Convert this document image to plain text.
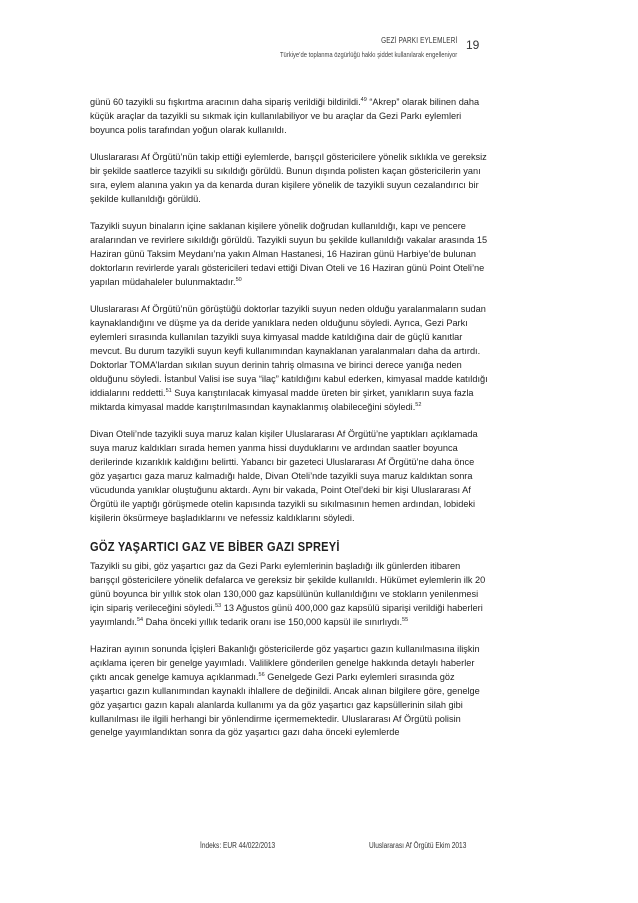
GEZİ PARKI EYLEMLERİ
Türkiye’de toplanma özgürlüğü hakkı şiddet kullanılarak engelleniyor
19

günü 60 tazyikli su fışkırtma aracının daha sipariş verildiği bildirildi.$^{49}$ “Akrep” olarak bilinen daha küçük araçlar da tazyikli su sıkmak için kullanılabiliyor ve bu araçlar da Gezi Parkı eylemleri boyunca polis tarafından yoğun olarak kullanıldı.

Uluslararası Af Örgütü’nün takip ettiği eylemlerde, barışçıl göstericilere yönelik sıklıkla ve gereksiz bir şekilde saatlerce tazyikli su sıkıldığı görüldü. Bunun dışında polisten kaçan göstericilerin yanı sıra, eylem alanına yakın ya da kenarda duran kişilere yönelik de tazyikli suyun cezalandırıcı bir şekilde kullanıldığı görüldü.

Tazyikli suyun binaların içine saklanan kişilere yönelik doğrudan kullanıldığı, kapı ve pencere aralarından ve revirlere sıkıldığı görüldü. Tazyikli suyun bu şekilde kullanıldığı vakalar arasında 15 Haziran günü Taksim Meydanı’na yakın Alman Hastanesi, 16 Haziran günü Harbiye’de bulunan doktorların revirlerde yaralı göstericileri tedavi ettiği Divan Oteli ve 16 Haziran günü Point Oteli’ne yapılan müdahaleler bulunmaktadır.$^{50}$

Uluslararası Af Örgütü’nün görüştüğü doktorlar tazyikli suyun neden olduğu yaralanmaların sudan kaynaklandığını ve düşme ya da deride yanıklara neden olduğunu söyledi. Ayrıca, Gezi Parkı eylemleri sırasında kullanılan tazyikli suya kimyasal madde katıldığına dair de güçlü kanıtlar mevcut. Bu durum tazyikli suyun keyfi kullanımından kaynaklanan yaralanmaları daha da artırdı. Doktorlar TOMA’lardan sıkılan suyun derinin tahriş olmasına ve birinci derece yanığa neden olduğunu söyledi. İstanbul Valisi ise suya “ilaç” katıldığını kabul ederken, kimyasal madde katıldığı iddialarını reddetti.$^{51}$ Suya karıştırılacak kimyasal madde üreten bir şirket, yanıkların suya fazla miktarda kimyasal madde karıştırılmasından kaynaklanmış olabileceğini söyledi.$^{52}$

Divan Oteli’nde tazyikli suya maruz kalan kişiler Uluslararası Af Örgütü’ne yaptıkları açıklamada suya maruz kaldıkları sırada hemen yanma hissi duyduklarını ve ardından saatler boyunca derilerinde kızarıklık kaldığını belirtti. Yabancı bir gazeteci Uluslararası Af Örgütü’ne daha önce göz yaşartıcı gaza maruz kalmadığı halde, Divan Oteli’nde tazyikli suya maruz kaldıktan sonra vücudunda yanıklar oluştuğunu aktardı. Aynı bir vakada, Point Otel’deki bir kişi Uluslararası Af Örgütü ile yaptığı görüşmede otelin kapısında tazyikli su sıkılmasının hemen ardından, lobideki kişilerin öksürmeye başladıklarını ve nefessiz kaldıklarını söyledi.

GÖZ YAŞARTICI GAZ VE BİBER GAZI SPREYİ

Tazyikli su gibi, göz yaşartıcı gaz da Gezi Parkı eylemlerinin başladığı ilk günlerden itibaren barışçıl göstericilere yönelik defalarca ve gereksiz bir şekilde kullanıldı. Hükümet eylemlerin ilk 20 günü boyunca bir yıllık stok olan 130,000 gaz kapsülünün kullanıldığını ve stokların yenilenmesi için sipariş verileceğini söyledi.$^{53}$ 13 Ağustos günü 400,000 gaz kapsülü siparişi verildiği haberleri yayımlandı.$^{54}$ Daha önceki yıllık tedarik oranı ise 150,000 kapsül ile sınırlıydı.$^{55}$

Haziran ayının sonunda İçişleri Bakanlığı göstericilerde göz yaşartıcı gazın kullanılmasına ilişkin açıklama içeren bir genelge yayımladı. Valiliklere gönderilen genelge hakkında detaylı haberler çıktı ancak genelge kamuya açıklanmadı.$^{56}$ Genelgede Gezi Parkı eylemleri sırasında göz yaşartıcı gazın kullanımından kaynaklı ihlallere de değinildi. Ancak alınan bilgilere göre, genelge göz yaşartıcı gazın kapalı alanlarda kullanımı ya da göz yaşartıcı gaz kapsüllerinin silah gibi kullanılması ile ilgili herhangi bir yönlendirme içermemektedir. Uluslararası Af Örgütü polisin genelge yayımlandıktan sonra da göz yaşartıcı gazı daha önceki eylemlerde

İndeks: EUR 44/022/2013	Uluslararası Af Örgütü Ekim 2013
